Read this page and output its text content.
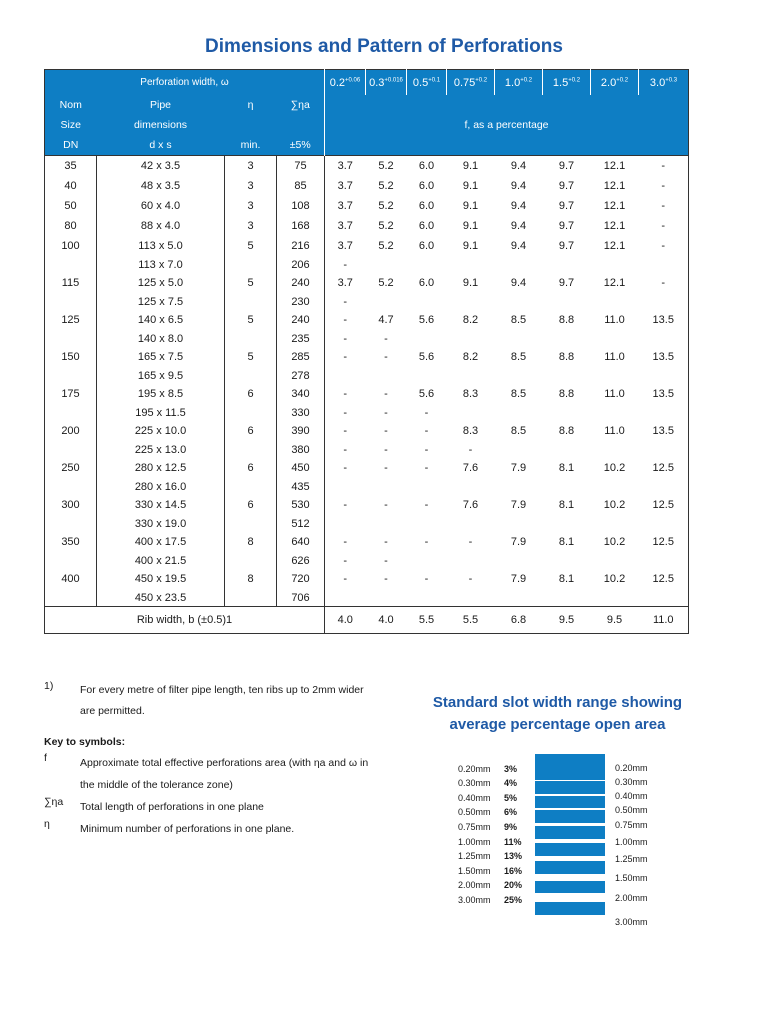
Dimensions and Pattern of Perforations
Perforation width, ω				$0.2^{+0.06}$	$0.3^{+0.016}$	$0.5^{+0.1}$	$0.75^{+0.2}$	$1.0^{+0.2}$	$1.5^{+0.2}$	$2.0^{+0.2}$	$3.0^{+0.3}$
Nom	Pipe	η	∑ηa	f, as a percentage							
Size	dimensions										
DN	d x s	min.	±5%								
35	42 x 3.5	3	75	3.7	5.2	6.0	9.1	9.4	9.7	12.1	-
40	48 x 3.5	3	85	3.7	5.2	6.0	9.1	9.4	9.7	12.1	-
50	60 x 4.0	3	108	3.7	5.2	6.0	9.1	9.4	9.7	12.1	-
80	88 x 4.0	3	168	3.7	5.2	6.0	9.1	9.4	9.7	12.1	-
100	113 x 5.0	5	216	3.7	5.2	6.0	9.1	9.4	9.7	12.1	-
	113 x 7.0		206	-							
115	125 x 5.0	5	240	3.7	5.2	6.0	9.1	9.4	9.7	12.1	-
	125 x 7.5		230	-							
125	140 x 6.5	5	240	-	4.7	5.6	8.2	8.5	8.8	11.0	13.5
	140 x 8.0		235	-	-						
150	165 x 7.5	5	285	-	-	5.6	8.2	8.5	8.8	11.0	13.5
	165 x 9.5		278								
175	195 x 8.5	6	340	-	-	5.6	8.3	8.5	8.8	11.0	13.5
	195 x 11.5		330	-	-	-					
200	225 x 10.0	6	390	-	-	-	8.3	8.5	8.8	11.0	13.5
	225 x 13.0		380	-	-	-	-				
250	280 x 12.5	6	450	-	-	-	7.6	7.9	8.1	10.2	12.5
	280 x 16.0		435								
300	330 x 14.5	6	530	-	-	-	7.6	7.9	8.1	10.2	12.5
	330 x 19.0		512								
350	400 x 17.5	8	640	-	-	-	-	7.9	8.1	10.2	12.5
	400 x 21.5		626	-	-						
400	450 x 19.5	8	720	-	-	-	-	7.9	8.1	10.2	12.5
	450 x 23.5		706								
Rib width, b (±0.5)1				4.0	4.0	5.5	5.5	6.8	9.5	9.5	11.0
1)	For every metre of filter pipe length, ten ribs up to 2mm wider are permitted.
Key to symbols:
f	Approximate total effective perforations area (with ηa and ω in the middle of the tolerance zone)
∑ηa Total length of perforations in one plane
η	Minimum number of perforations in one plane.
Standard slot width range showing
average percentage open area
0.20mm 3%
0.30mm 4%
0.40mm 5%
0.50mm 6%
0.75mm 9%
1.00mm 11%
1.25mm 13%
1.50mm 16%
2.00mm 20%
3.00mm 25%
0.20mm
0.30mm
0.40mm
0.50mm
0.75mm
1.00mm
1.25mm
1.50mm
2.00mm
3.00mm
